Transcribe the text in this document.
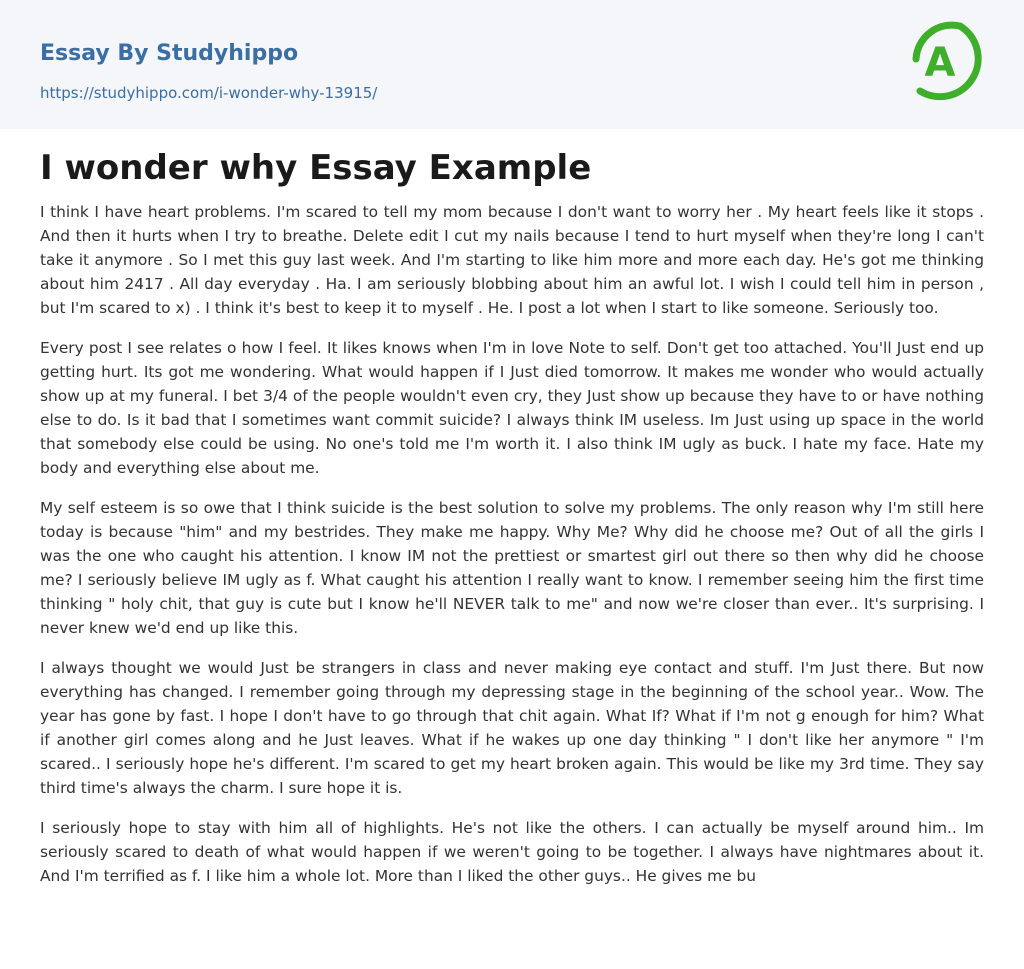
Essay By Studyhippo
https://studyhippo.com/i-wonder-why-13915/
A
I wonder why Essay Example

I think I have heart problems. I'm scared to tell my mom because I don't want to worry her . My heart feels like it stops . And then it hurts when I try to breathe. Delete edit I cut my nails because I tend to hurt myself when they're long I can't take it anymore . So I met this guy last week. And I'm starting to like him more and more each day. He's got me thinking about him 2417 . All day everyday . Ha. I am seriously blobbing about him an awful lot. I wish I could tell him in person , but I'm scared to x) . I think it's best to keep it to myself . He. I post a lot when I start to like someone. Seriously too.

Every post I see relates o how I feel. It likes knows when I'm in love Note to self. Don't get too attached. You'll Just end up getting hurt. Its got me wondering. What would happen if I Just died tomorrow. It makes me wonder who would actually show up at my funeral. I bet 3/4 of the people wouldn't even cry, they Just show up because they have to or have nothing else to do. Is it bad that I sometimes want commit suicide? I always think IM useless. Im Just using up space in the world that somebody else could be using. No one's told me I'm worth it. I also think IM ugly as buck. I hate my face. Hate my body and everything else about me.

My self esteem is so owe that I think suicide is the best solution to solve my problems. The only reason why I'm still here today is because "him" and my bestrides. They make me happy. Why Me? Why did he choose me? Out of all the girls I was the one who caught his attention. I know IM not the prettiest or smartest girl out there so then why did he choose me? I seriously believe IM ugly as f. What caught his attention I really want to know. I remember seeing him the first time thinking " holy chit, that guy is cute but I know he'll NEVER talk to me" and now we're closer than ever.. It's surprising. I never knew we'd end up like this.

I always thought we would Just be strangers in class and never making eye contact and stuff. I'm Just there. But now everything has changed. I remember going through my depressing stage in the beginning of the school year.. Wow. The year has gone by fast. I hope I don't have to go through that chit again. What If? What if I'm not g enough for him? What if another girl comes along and he Just leaves. What if he wakes up one day thinking " I don't like her anymore " I'm scared.. I seriously hope he's different. I'm scared to get my heart broken again. This would be like my 3rd time. They say third time's always the charm. I sure hope it is.

I seriously hope to stay with him all of highlights. He's not like the others. I can actually be myself around him.. Im seriously scared to death of what would happen if we weren't going to be together. I always have nightmares about it. And I'm terrified as f. I like him a whole lot. More than I liked the other guys.. He gives me bu
